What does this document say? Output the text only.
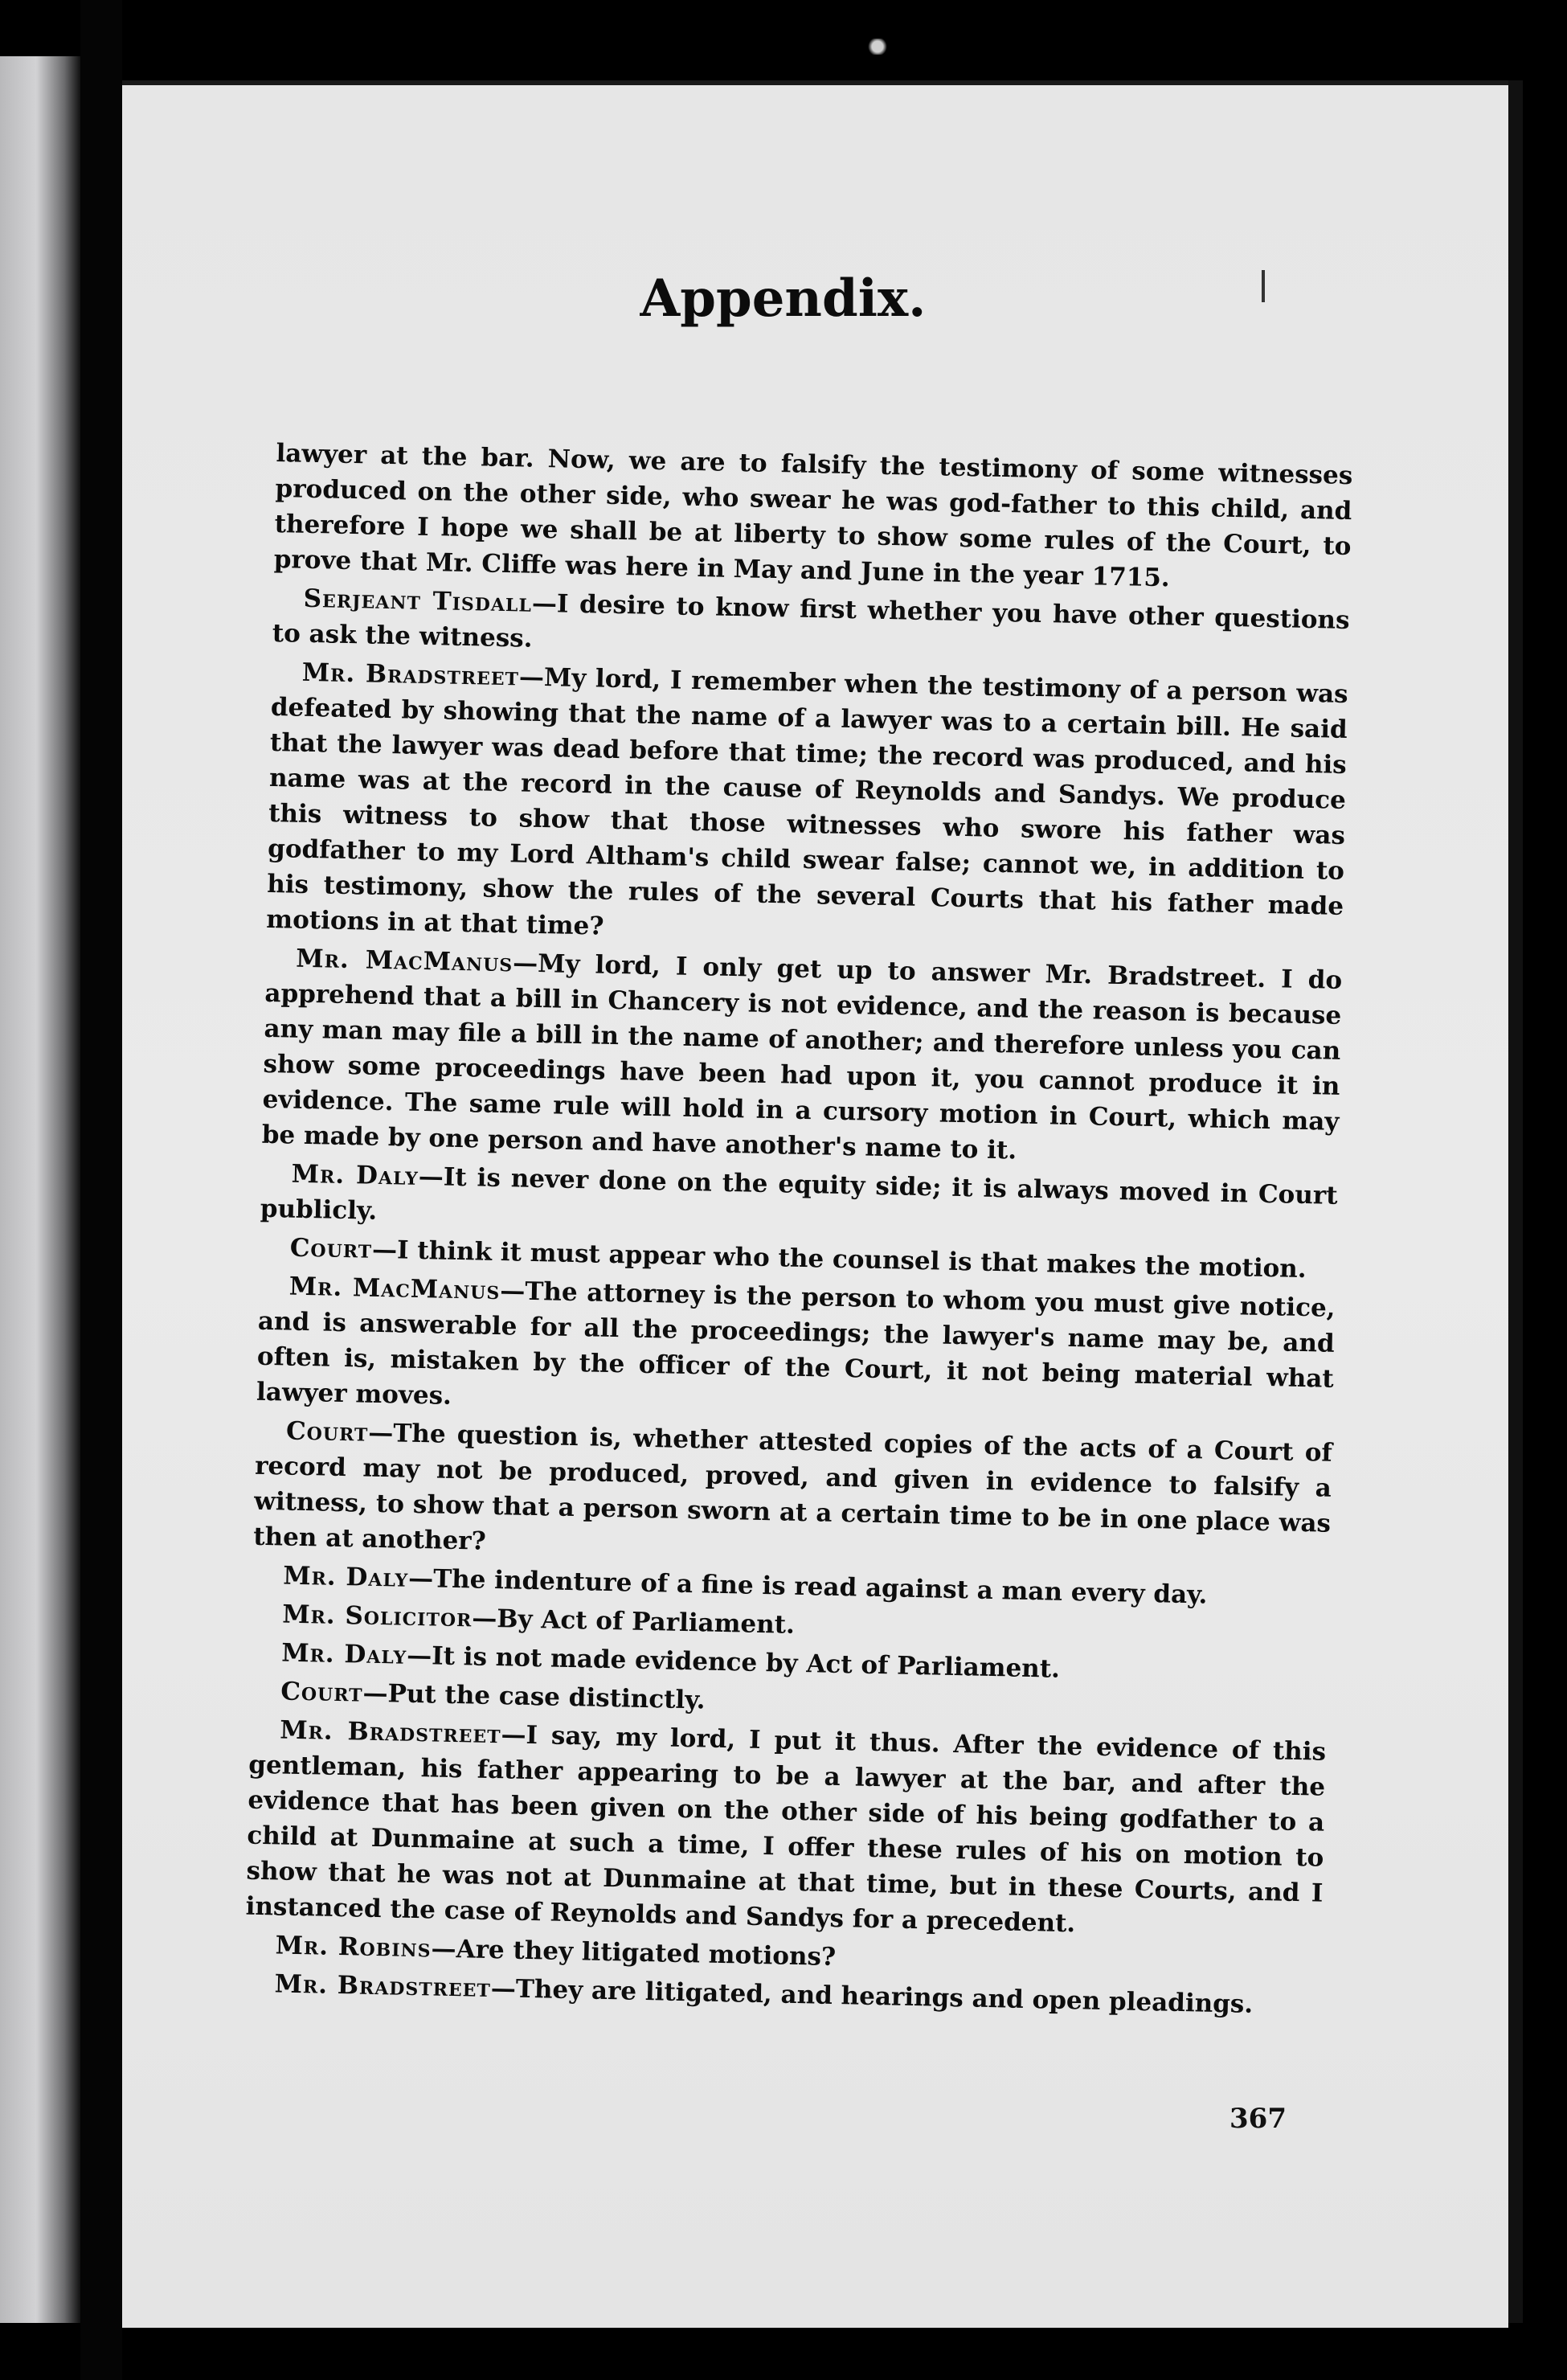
Appendix.

lawyer at the bar. Now, we are to falsify the testimony of some witnesses produced on the other side, who swear he was god-father to this child, and therefore I hope we shall be at liberty to show some rules of the Court, to prove that Mr. Cliffe was here in May and June in the year 1715.

Serjeant Tisdall—I desire to know first whether you have other questions to ask the witness.

Mr. Bradstreet—My lord, I remember when the testimony of a person was defeated by showing that the name of a lawyer was to a certain bill. He said that the lawyer was dead before that time; the record was produced, and his name was at the record in the cause of Reynolds and Sandys. We produce this witness to show that those witnesses who swore his father was godfather to my Lord Altham's child swear false; cannot we, in addition to his testimony, show the rules of the several Courts that his father made motions in at that time?

Mr. MacManus—My lord, I only get up to answer Mr. Bradstreet. I do apprehend that a bill in Chancery is not evidence, and the reason is because any man may file a bill in the name of another; and therefore unless you can show some proceedings have been had upon it, you cannot produce it in evidence. The same rule will hold in a cursory motion in Court, which may be made by one person and have another's name to it.

Mr. Daly—It is never done on the equity side; it is always moved in Court publicly.

Court—I think it must appear who the counsel is that makes the motion.

Mr. MacManus—The attorney is the person to whom you must give notice, and is answerable for all the proceedings; the lawyer's name may be, and often is, mistaken by the officer of the Court, it not being material what lawyer moves.

Court—The question is, whether attested copies of the acts of a Court of record may not be produced, proved, and given in evidence to falsify a witness, to show that a person sworn at a certain time to be in one place was then at another?

Mr. Daly—The indenture of a fine is read against a man every day.

Mr. Solicitor—By Act of Parliament.

Mr. Daly—It is not made evidence by Act of Parliament.

Court—Put the case distinctly.

Mr. Bradstreet—I say, my lord, I put it thus. After the evidence of this gentleman, his father appearing to be a lawyer at the bar, and after the evidence that has been given on the other side of his being godfather to a child at Dunmaine at such a time, I offer these rules of his on motion to show that he was not at Dunmaine at that time, but in these Courts, and I instanced the case of Reynolds and Sandys for a precedent.

Mr. Robins—Are they litigated motions?

Mr. Bradstreet—They are litigated, and hearings and open pleadings.

367
